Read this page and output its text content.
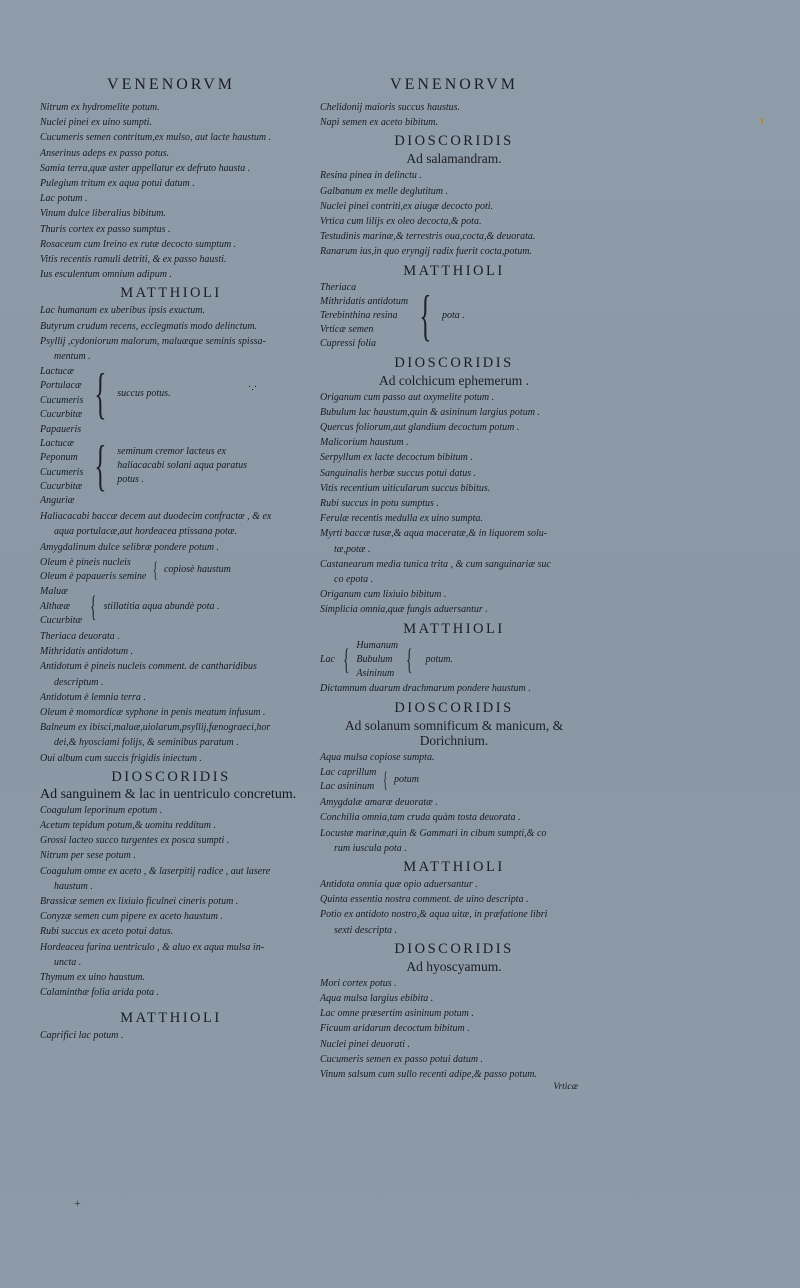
·.·
+
VENENORVM
Nitrum ex hydromelite potum.
Nuclei pinei ex uino sumpti.
Cucumeris semen contritum,ex mulso, aut lacte haustum .
Anserinus adeps ex passo potus.
Samia terra,quæ aster appellatur ex defruto hausta .
Pulegium tritum ex aqua potui datum .
Lac potum .
Vinum dulce liberalius bibitum.
Thuris cortex ex passo sumptus .
Rosaceum cum Ireino ex rutæ decocto sumptum .
Vitis recentis ramuli detriti, & ex passo hausti.
Ius esculentum omnium adipum .
MATTHIOLI
Lac humanum ex uberibus ipsis exuctum.
Butyrum crudum recens, ecclegmatis modo delinctum.
Psyllij ,cydoniorum malorum, maluæque seminis spissa-
mentum .
Lactucæ
Portulacæ
Cucumeris
Cucurbitæ { succus potus.
Papaueris
Lactucæ
Peponum
Cucumeris
Cucurbitæ
Anguriæ
{ seminum cremor lacteus ex haliacacabi solani aqua paratus potus .
Haliacacabi baccæ decem aut duodecim confractæ , & ex
aqua portulacæ,aut hordeacea ptissana potæ.
Amygdalinum dulce selibræ pondere potum .
Oleum è pineis nucleis
Oleum è papaueris semine { copiosè haustum
Maluæ
Althææ
Cucurbitæ { stillatitia aqua abundè pota .
Theriaca deuorata .
Mithridatis antidotum .
Antidotum è pineis nucleis comment. de cantharidibus
descriptum .
Antidotum è lemnia terra .
Oleum è momordicæ syphone in penis meatum infusum .
Balneum ex ibisci,maluæ,uiolarum,psyllij,fænograeci,hor
dei,& hyosciami folijs, & seminibus paratum .
Oui album cum succis frigidis iniectum .
DIOSCORIDIS
Ad sanguinem & lac in uentriculo concretum.
Coagulum leporinum epotum .
Acetum tepidum potum,& uomitu redditum .
Grossi lacteo succo turgentes ex posca sumpti .
Nitrum per sese potum .
Coagulum omne ex aceto , & laserpitij radice , aut lasere
haustum .
Brassicæ semen ex lixiuio ficulnei cineris potum .
Conyzæ semen cum pipere ex aceto haustum .
Rubi succus ex aceto potui datus.
Hordeacea farina uentriculo , & aluo ex aqua mulsa in-
uncta .
Thymum ex uino haustum.
Calaminthæ folia arida pota .
MATTHIOLI
Caprifici lac potum .
VENENORVM
Chelidonij maioris succus haustus.
Napi semen ex aceto bibitum.
DIOSCORIDIS
Ad salamandram.
Resina pinea in delinctu .
Galbanum ex melle deglutitum .
Nuclei pinei contriti,ex aiugæ decocto poti.
Vrtica cum lilijs ex oleo decocta,& pota.
Testudinis marinæ,& terrestris oua,cocta,& deuorata.
Ranarum ius,in quo eryngij radix fuerit cocta,potum.
MATTHIOLI
Theriaca
Mithridatis antidotum
Terebinthina resina
Vrticæ semen
Cupressi folia { pota .
DIOSCORIDIS
Ad colchicum ephemerum .
Origanum cum passo aut oxymelite potum .
Bubulum lac haustum,quin & asininum largius potum .
Quercus foliorum,aut glandium decoctum potum .
Malicorium haustum .
Serpyllum ex lacte decoctum bibitum .
Sanguinalis herbæ succus potui datus .
Vitis recentium uiticularum succus bibitus.
Rubi succus in potu sumptus .
Ferulæ recentis medulla ex uino sumpta.
Myrti baccæ tusæ,& aqua maceratæ,& in liquorem solu-
tæ,potæ .
Castanearum media tunica trita , & cum sanguinariæ suc
co epota .
Origanum cum lixiuio bibitum .
Simplicia omnia,quæ fungis aduersantur .
MATTHIOLI
Lac { Humanum
Bubulum
Asininum { potum.
Dictamnum duarum drachmarum pondere haustum .
DIOSCORIDIS
Ad solanum somnificum & manicum, & Dorichnium.
Aqua mulsa copiose sumpta.
Lac caprillum
Lac asininum { potum
Amygdalæ amaræ deuoratæ .
Conchilia omnia,tam cruda quàm tosta deuorata .
Locustæ marinæ,quin & Gammari in cibum sumpti,& co
rum iuscula pota .
MATTHIOLI
Antidota omnia quæ opio aduersantur .
Quinta essentia nostra comment. de uino descripta .
Potio ex antidoto nostro,& aqua uitæ, in præfatione libri
sexti descripta .
DIOSCORIDIS
Ad hyoscyamum.
Mori cortex potus .
Aqua mulsa largius ebibita .
Lac omne præsertim asininum potum .
Ficuum aridarum decoctum bibitum .
Nuclei pinei deuorati .
Cucumeris semen ex passo potui datum .
Vinum salsum cum sullo recenti adipe,& passo potum.
Vrticæ
